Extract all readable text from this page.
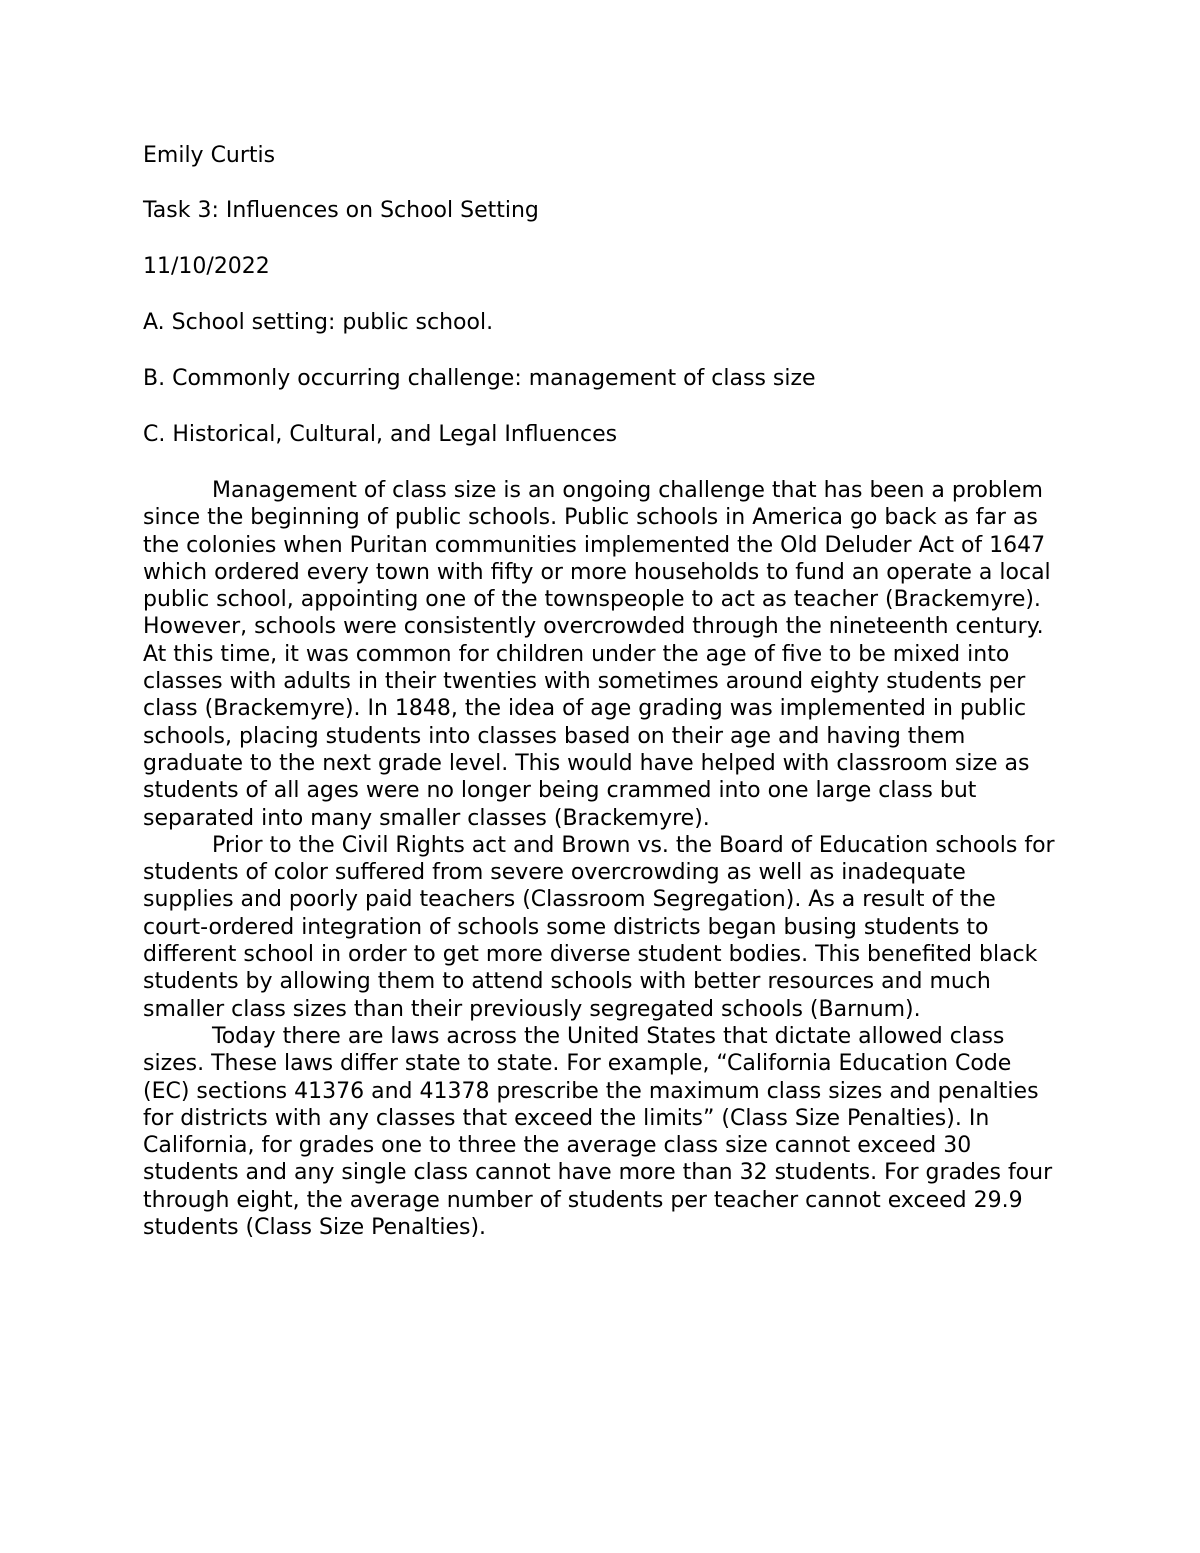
Emily Curtis

Task 3: Influences on School Setting

11/10/2022

A. School setting: public school.

B. Commonly occurring challenge: management of class size

C. Historical, Cultural, and Legal Influences

Management of class size is an ongoing challenge that has been a problem since the beginning of public schools. Public schools in America go back as far as the colonies when Puritan communities implemented the Old Deluder Act of 1647 which ordered every town with fifty or more households to fund an operate a local public school, appointing one of the townspeople to act as teacher (Brackemyre). However, schools were consistently overcrowded through the nineteenth century. At this time, it was common for children under the age of five to be mixed into classes with adults in their twenties with sometimes around eighty students per class (Brackemyre). In 1848, the idea of age grading was implemented in public schools, placing students into classes based on their age and having them graduate to the next grade level. This would have helped with classroom size as students of all ages were no longer being crammed into one large class but separated into many smaller classes (Brackemyre).

Prior to the Civil Rights act and Brown vs. the Board of Education schools for students of color suffered from severe overcrowding as well as inadequate supplies and poorly paid teachers (Classroom Segregation). As a result of the court-ordered integration of schools some districts began busing students to different school in order to get more diverse student bodies. This benefited black students by allowing them to attend schools with better resources and much smaller class sizes than their previously segregated schools (Barnum).

Today there are laws across the United States that dictate allowed class sizes. These laws differ state to state. For example, “California Education Code (EC) sections 41376 and 41378 prescribe the maximum class sizes and penalties for districts with any classes that exceed the limits” (Class Size Penalties). In California, for grades one to three the average class size cannot exceed 30 students and any single class cannot have more than 32 students. For grades four through eight, the average number of students per teacher cannot exceed 29.9 students (Class Size Penalties).
